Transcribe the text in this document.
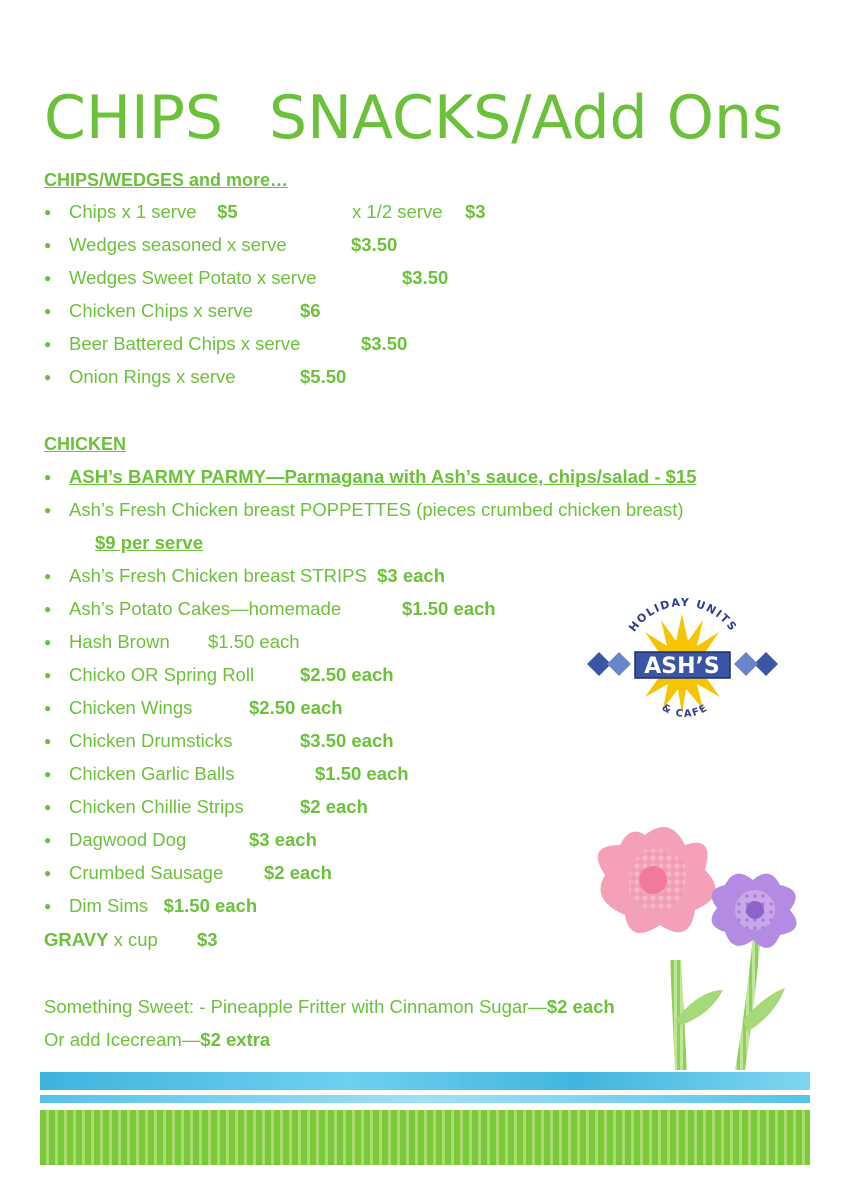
CHIPS SNACKS/Add Ons
CHIPS/WEDGES and more…
● Chips x 1 serve $5	x 1/2 serve $3
● Wedges seasoned x serve	$3.50
● Wedges Sweet Potato x serve	$3.50
● Chicken Chips x serve	$6
● Beer Battered Chips x serve	$3.50
● Onion Rings x serve	$5.50
CHICKEN
● ASH’s BARMY PARMY—Parmagana with Ash’s sauce, chips/salad - $15
● Ash’s Fresh Chicken breast POPPETTES (pieces crumbed chicken breast)
$9 per serve
● Ash’s Fresh Chicken breast STRIPS $3 each
● Ash’s Potato Cakes—homemade	$1.50 each
● Hash Brown $1.50 each
● Chicko OR Spring Roll $2.50 each
● Chicken Wings	$2.50 each
● Chicken Drumsticks	$3.50 each
● Chicken Garlic Balls	$1.50 each
● Chicken Chillie Strips	$2 each
● Dagwood Dog	$3 each
● Crumbed Sausage $2 each
● Dim Sims $1.50 each
GRAVY x cup $3
Something Sweet: - Pineapple Fritter with Cinnamon Sugar—$2 each
Or add Icecream—$2 extra
ASH’S
HOLIDAY UNITS
& CAFE
